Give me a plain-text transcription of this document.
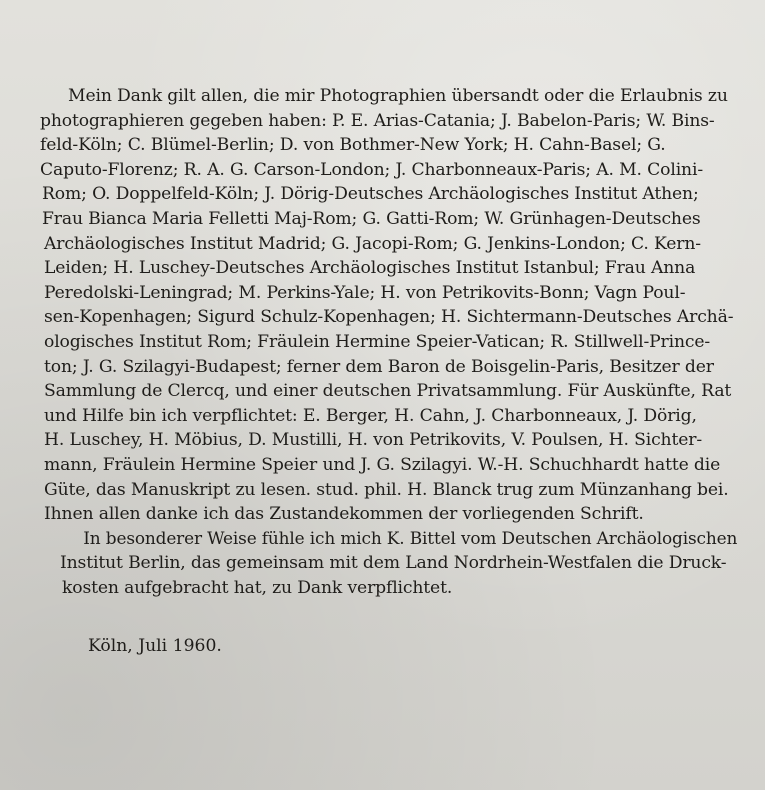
Mein Dank gilt allen, die mir Photographien übersandt oder die Erlaubnis zu
photographieren gegeben haben: P. E. Arias-Catania; J. Babelon-Paris; W. Bins-
feld-Köln; C. Blümel-Berlin; D. von Bothmer-New York; H. Cahn-Basel; G.
Caputo-Florenz; R. A. G. Carson-London; J. Charbonneaux-Paris; A. M. Colini-
Rom; O. Doppelfeld-Köln; J. Dörig-Deutsches Archäologisches Institut Athen;
Frau Bianca Maria Felletti Maj-Rom; G. Gatti-Rom; W. Grünhagen-Deutsches
Archäologisches Institut Madrid; G. Jacopi-Rom; G. Jenkins-London; C. Kern-
Leiden; H. Luschey-Deutsches Archäologisches Institut Istanbul; Frau Anna
Peredolski-Leningrad; M. Perkins-Yale; H. von Petrikovits-Bonn; Vagn Poul-
sen-Kopenhagen; Sigurd Schulz-Kopenhagen; H. Sichtermann-Deutsches Archä-
ologisches Institut Rom; Fräulein Hermine Speier-Vatican; R. Stillwell-Prince-
ton; J. G. Szilagyi-Budapest; ferner dem Baron de Boisgelin-Paris, Besitzer der
Sammlung de Clercq, und einer deutschen Privatsammlung. Für Auskünfte, Rat
und Hilfe bin ich verpflichtet: E. Berger, H. Cahn, J. Charbonneaux, J. Dörig,
H. Luschey, H. Möbius, D. Mustilli, H. von Petrikovits, V. Poulsen, H. Sichter-
mann, Fräulein Hermine Speier und J. G. Szilagyi. W.-H. Schuchhardt hatte die
Güte, das Manuskript zu lesen. stud. phil. H. Blanck trug zum Münzanhang bei.
Ihnen allen danke ich das Zustandekommen der vorliegenden Schrift.
In besonderer Weise fühle ich mich K. Bittel vom Deutschen Archäologischen
Institut Berlin, das gemeinsam mit dem Land Nordrhein-Westfalen die Druck-
kosten aufgebracht hat, zu Dank verpflichtet.
Köln, Juli 1960.
